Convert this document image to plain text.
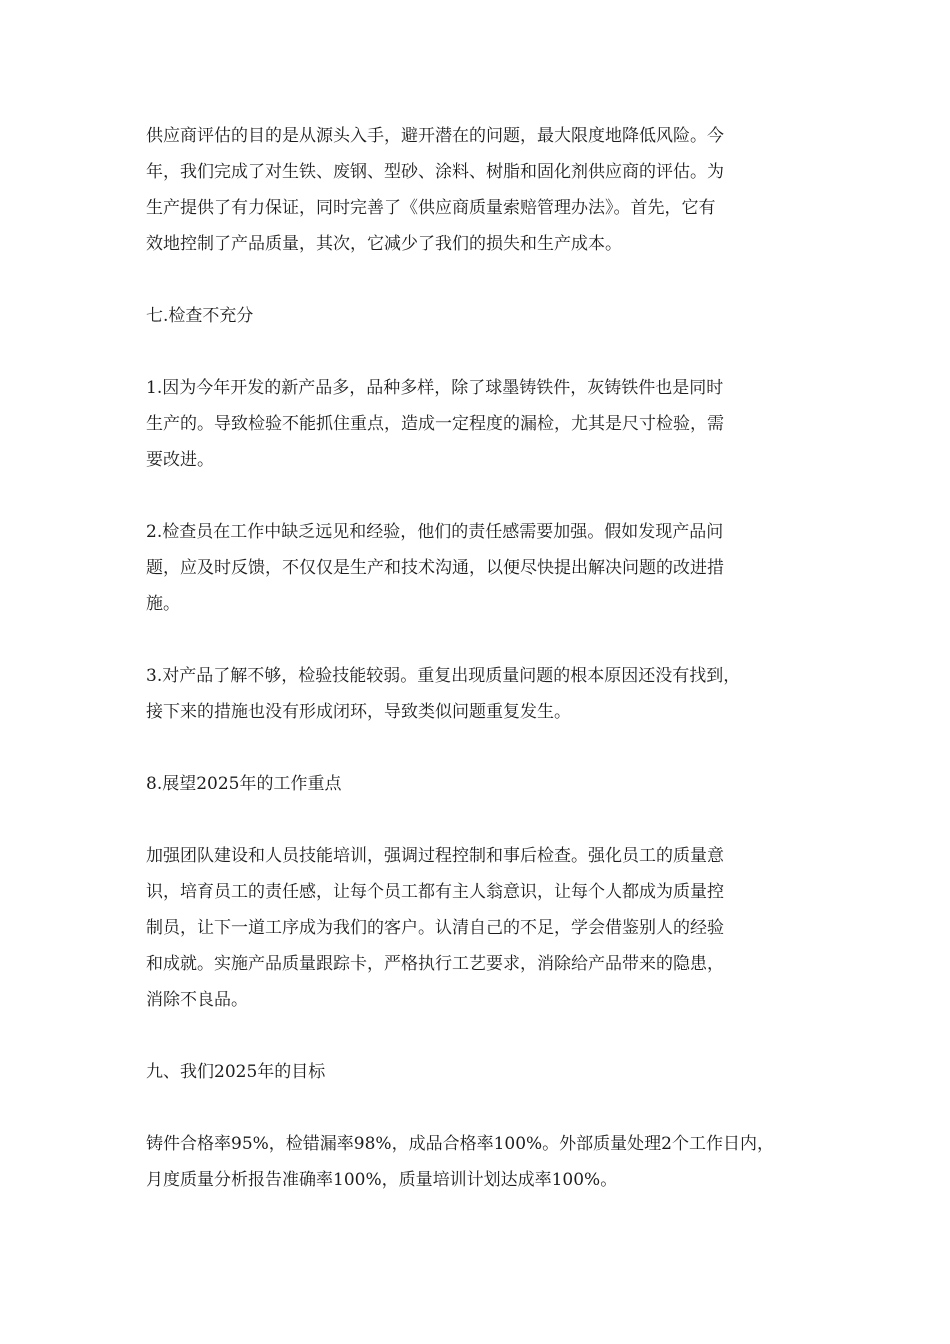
供应商评估的目的是从源头入手，避开潜在的问题，最大限度地降低风险。今
年，我们完成了对生铁、废钢、型砂、涂料、树脂和固化剂供应商的评估。为
生产提供了有力保证，同时完善了《供应商质量索赔管理办法》。首先，它有
效地控制了产品质量，其次，它减少了我们的损失和生产成本。

七.检查不充分

1.因为今年开发的新产品多，品种多样，除了球墨铸铁件，灰铸铁件也是同时
生产的。导致检验不能抓住重点，造成一定程度的漏检，尤其是尺寸检验，需
要改进。

2.检查员在工作中缺乏远见和经验，他们的责任感需要加强。假如发现产品问
题，应及时反馈，不仅仅是生产和技术沟通，以便尽快提出解决问题的改进措
施。

3.对产品了解不够，检验技能较弱。重复出现质量问题的根本原因还没有找到，
接下来的措施也没有形成闭环，导致类似问题重复发生。

8.展望2025年的工作重点

加强团队建设和人员技能培训，强调过程控制和事后检查。强化员工的质量意
识，培育员工的责任感，让每个员工都有主人翁意识，让每个人都成为质量控
制员，让下一道工序成为我们的客户。认清自己的不足，学会借鉴别人的经验
和成就。实施产品质量跟踪卡，严格执行工艺要求，消除给产品带来的隐患，
消除不良品。

九、我们2025年的目标

铸件合格率95%，检错漏率98%，成品合格率100%。外部质量处理2个工作日内，
月度质量分析报告准确率100%，质量培训计划达成率100%。
